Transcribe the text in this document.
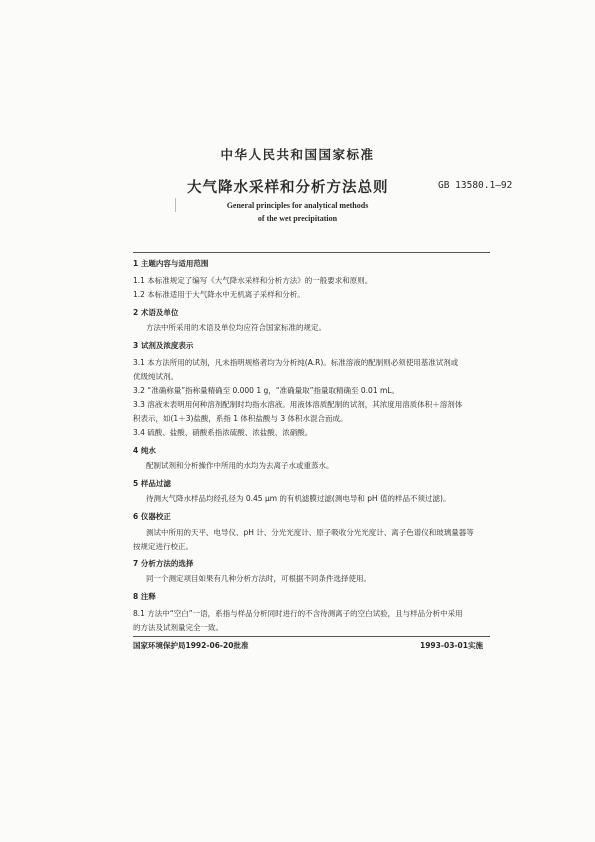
中华人民共和国国家标准
大气降水采样和分析方法总则	GB 13580.1—92
General principles for analytical methods
of the wet precipitation
1 主题内容与适用范围
1.1 本标准规定了编写《大气降水采样和分析方法》的一般要求和原则。
1.2 本标准适用于大气降水中无机离子采样和分析。
2 术语及单位
方法中所采用的术语及单位均应符合国家标准的规定。
3 试剂及浓度表示
3.1 本方法所用的试剂，凡未指明规格者均为分析纯(A.R)。标准溶液的配制则必须使用基准试剂或
优级纯试剂。
3.2 “准确称量”指称量精确至 0.000 1 g，“准确量取”指量取精确至 0.01 mL。
3.3 溶液未表明用何种溶剂配制时均指水溶液。用液体溶质配制的试剂，其浓度用溶质体积＋溶剂体
积表示，如(1＋3)盐酸，系指 1 体积盐酸与 3 体积水混合而成。
3.4 硫酸、盐酸、硝酸系指浓硫酸、浓盐酸、浓硝酸。
4 纯水
配制试剂和分析操作中所用的水均为去离子水或重蒸水。
5 样品过滤
待测大气降水样品均经孔径为 0.45 μm 的有机滤膜过滤(测电导和 pH 值的样品不须过滤)。
6 仪器校正
测试中所用的天平、电导仪、pH 计、分光光度计、原子吸收分光光度计、离子色谱仪和玻璃量器等
按规定进行校正。
7 分析方法的选择
同一个测定项目如果有几种分析方法时，可根据不同条件选择使用。
8 注释
8.1 方法中“空白”一语，系指与样品分析同时进行的不含待测离子的空白试验，且与样品分析中采用
的方法及试剂量完全一致。
国家环境保护局1992-06-20批准	1993-03-01实施
